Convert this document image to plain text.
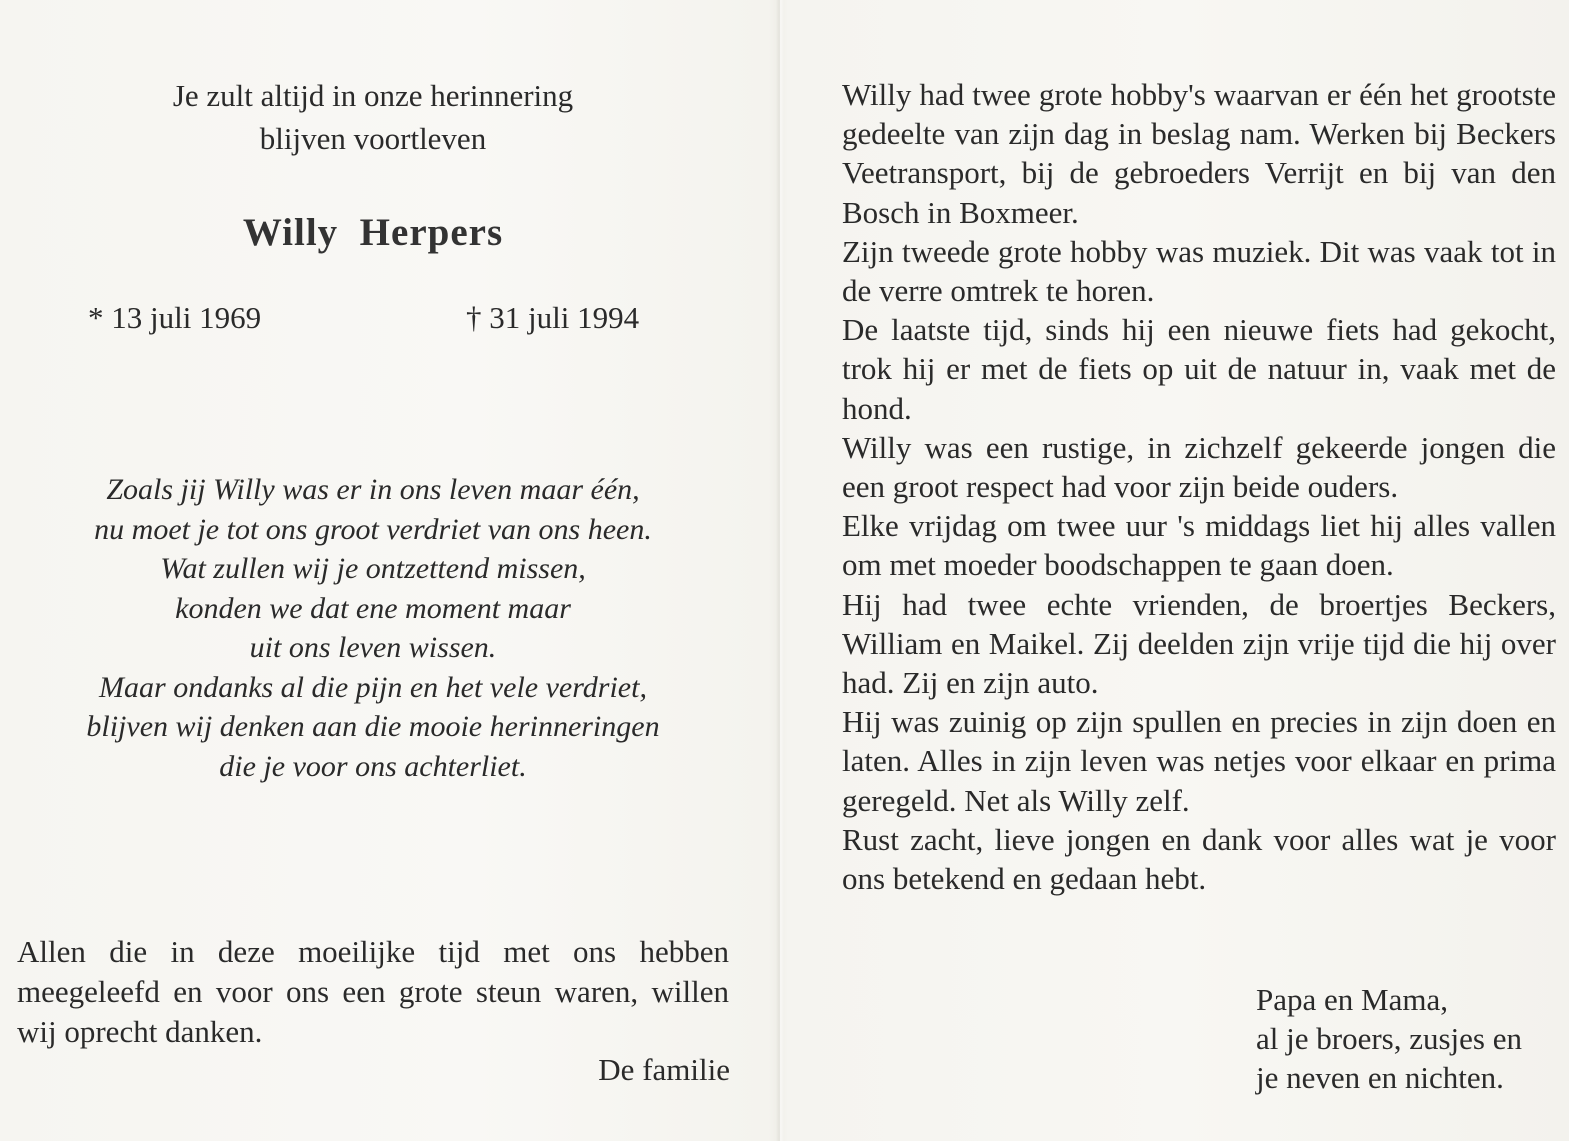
Je zult altijd in onze herinnering
blijven voortleven
Willy  Herpers
* 13 juli 1969	† 31 juli 1994
Zoals jij Willy was er in ons leven maar één,
nu moet je tot ons groot verdriet van ons heen.
Wat zullen wij je ontzettend missen,
konden we dat ene moment maar
uit ons leven wissen.
Maar ondanks al die pijn en het vele verdriet,
blijven wij denken aan die mooie herinneringen
die je voor ons achterliet.
Allen die in deze moeilijke tijd met ons hebben meegeleefd en voor ons een grote steun waren, willen wij oprecht danken.
De familie

Willy had twee grote hobby's waarvan er één het grootste gedeelte van zijn dag in beslag nam. Werken bij Beckers Veetransport, bij de gebroeders Verrijt en bij van den Bosch in Boxmeer.

Zijn tweede grote hobby was muziek. Dit was vaak tot in de verre omtrek te horen.

De laatste tijd, sinds hij een nieuwe fiets had gekocht, trok hij er met de fiets op uit de natuur in, vaak met de hond.

Willy was een rustige, in zichzelf gekeerde jongen die een groot respect had voor zijn beide ouders.

Elke vrijdag om twee uur 's middags liet hij alles vallen om met moeder boodschappen te gaan doen.

Hij had twee echte vrienden, de broertjes Beckers, William en Maikel. Zij deelden zijn vrije tijd die hij over had. Zij en zijn auto.

Hij was zuinig op zijn spullen en precies in zijn doen en laten. Alles in zijn leven was netjes voor elkaar en prima geregeld. Net als Willy zelf.

Rust zacht, lieve jongen en dank voor alles wat je voor ons betekend en gedaan hebt.

Papa en Mama,
al je broers, zusjes en
je neven en nichten.
